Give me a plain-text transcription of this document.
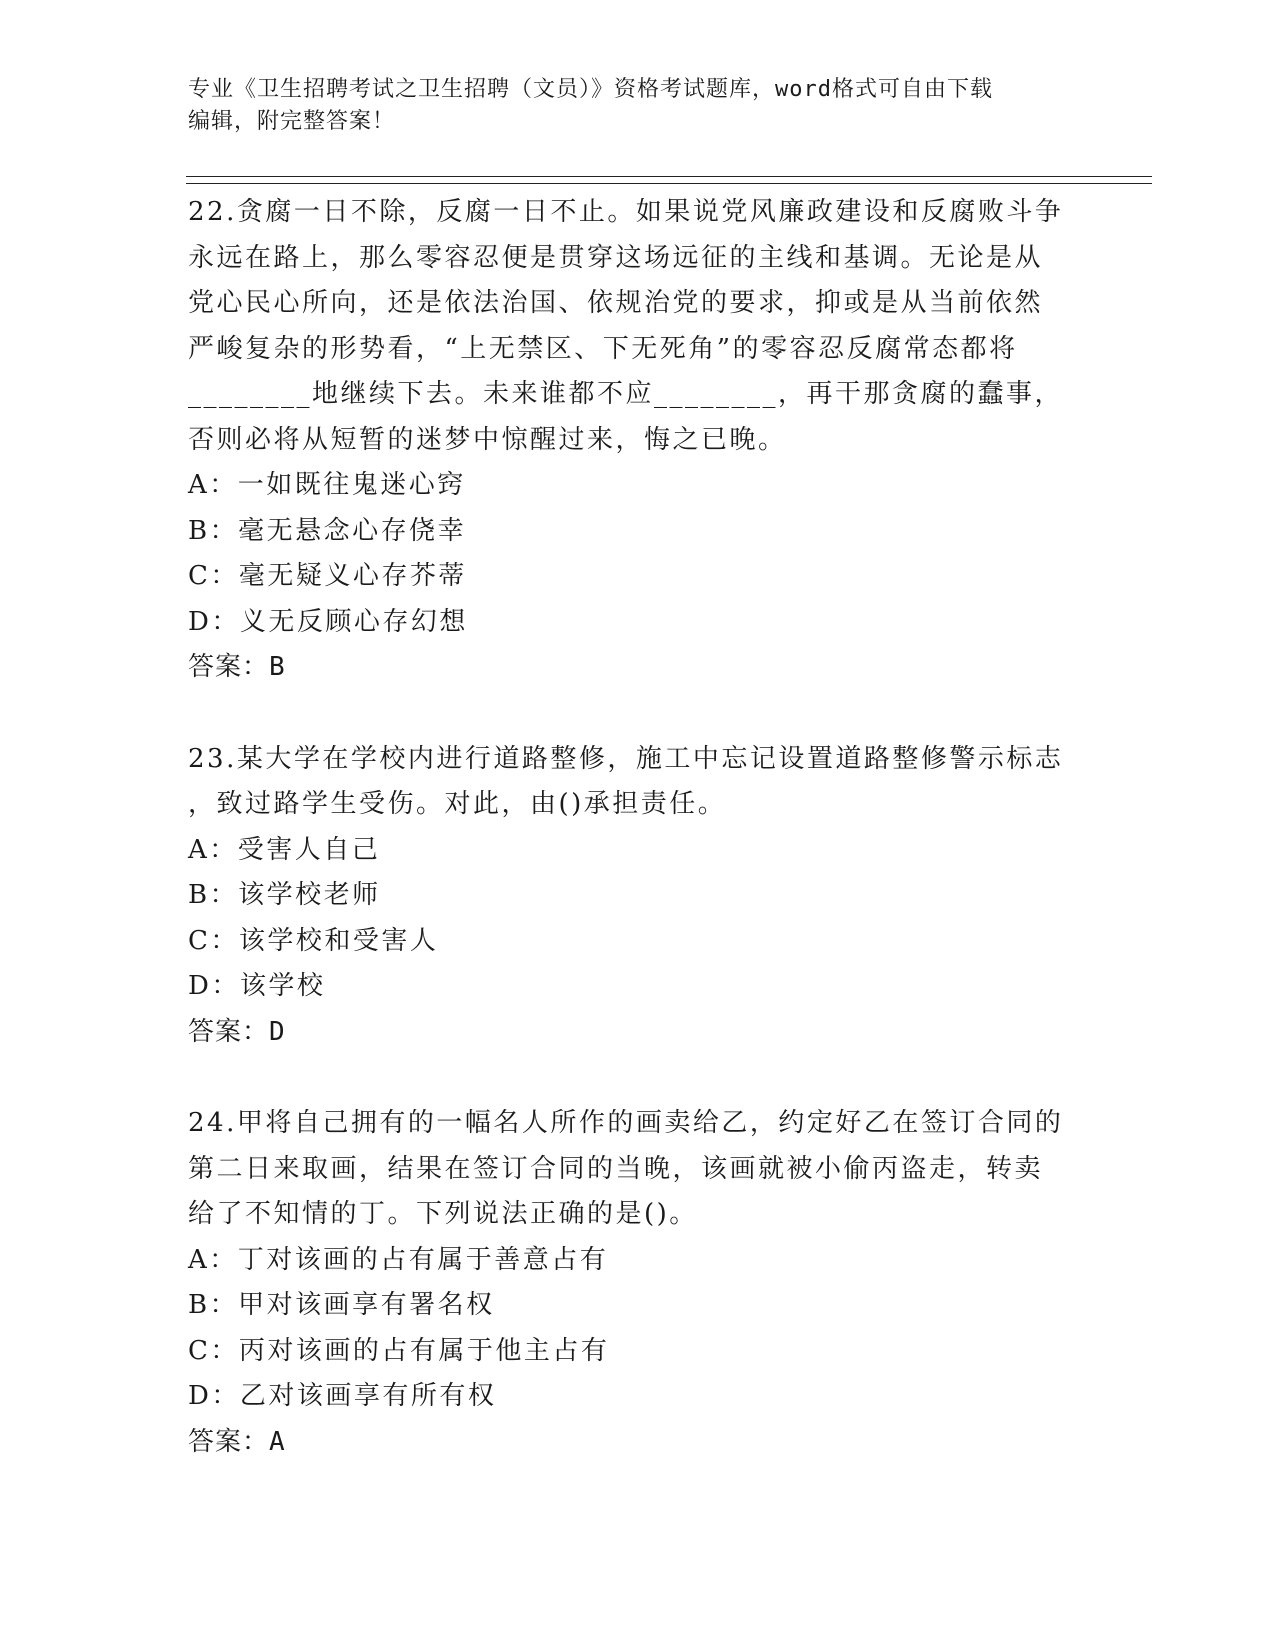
专业《卫生招聘考试之卫生招聘（文员）》资格考试题库，word格式可自由下载
编辑，附完整答案！

22.贪腐一日不除，反腐一日不止。如果说党风廉政建设和反腐败斗争

永远在路上，那么零容忍便是贯穿这场远征的主线和基调。无论是从

党心民心所向，还是依法治国、依规治党的要求，抑或是从当前依然

严峻复杂的形势看，“上无禁区、下无死角”的零容忍反腐常态都将

________地继续下去。未来谁都不应________，再干那贪腐的蠢事，

否则必将从短暂的迷梦中惊醒过来，悔之已晚。

A：一如既往鬼迷心窍

B：毫无悬念心存侥幸

C：毫无疑义心存芥蒂

D：义无反顾心存幻想

答案：B

23.某大学在学校内进行道路整修，施工中忘记设置道路整修警示标志

，致过路学生受伤。对此，由()承担责任。

A：受害人自己

B：该学校老师

C：该学校和受害人

D：该学校

答案：D

24.甲将自己拥有的一幅名人所作的画卖给乙，约定好乙在签订合同的

第二日来取画，结果在签订合同的当晚，该画就被小偷丙盗走，转卖

给了不知情的丁。下列说法正确的是()。

A：丁对该画的占有属于善意占有

B：甲对该画享有署名权

C：丙对该画的占有属于他主占有

D：乙对该画享有所有权

答案：A
